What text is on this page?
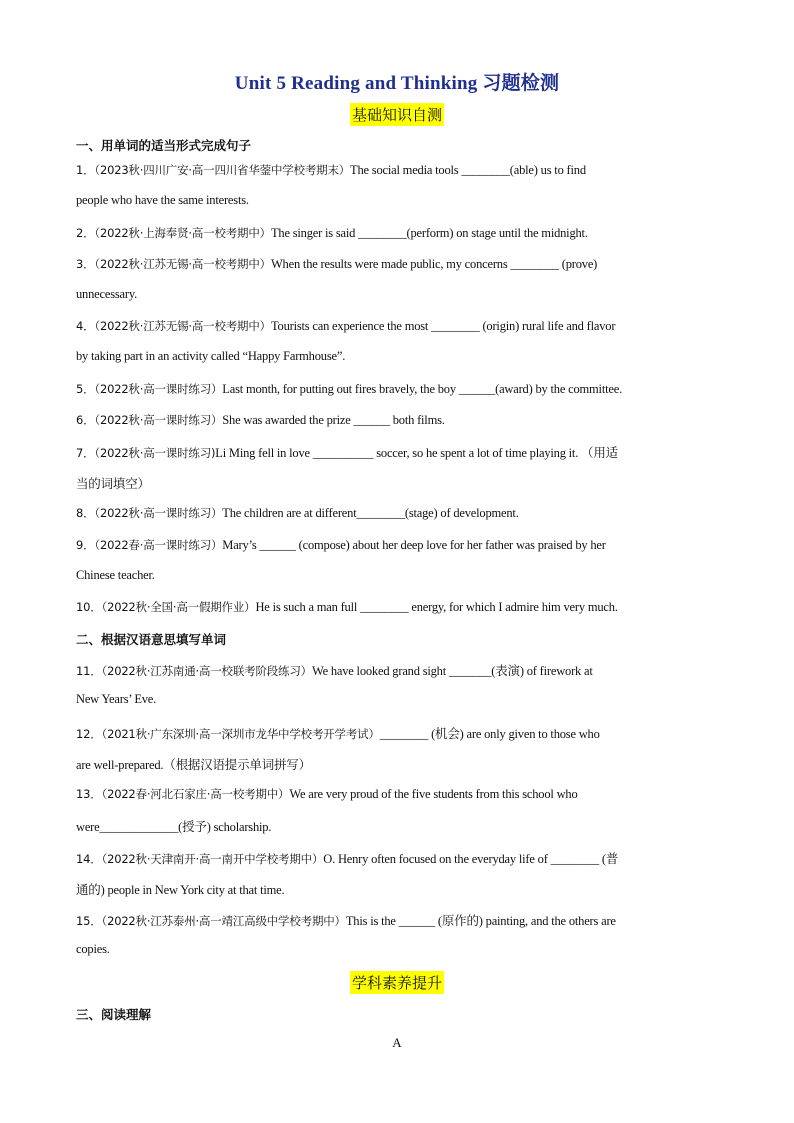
Unit 5 Reading and Thinking 习题检测
基础知识自测
一、用单词的适当形式完成句子
1．（2023秋·四川广安·高一四川省华蓥中学校考期末）The social media tools ________(able) us to find
people who have the same interests.
2．（2022秋·上海奉贤·高一校考期中）The singer is said ________(perform) on stage until the midnight.
3．（2022秋·江苏无锡·高一校考期中）When the results were made public, my concerns ________ (prove)
unnecessary.
4．（2022秋·江苏无锡·高一校考期中）Tourists can experience the most ________ (origin) rural life and flavor
by taking part in an activity called “Happy Farmhouse”.
5．（2022秋·高一课时练习）Last month, for putting out fires bravely, the boy ______(award) by the committee.
6．（2022秋·高一课时练习）She was awarded the prize ______ both films.
7．（2022秋·高一课时练习)Li Ming fell in love __________ soccer, so he spent a lot of time playing it. （用适
当的词填空）
8．（2022秋·高一课时练习）The children are at different________(stage) of development.
9．（2022春·高一课时练习）Mary’s ______ (compose) about her deep love for her father was praised by her
Chinese teacher.
10．（2022秋·全国·高一假期作业）He is such a man full ________ energy, for which I admire him very much.
二、根据汉语意思填写单词
11．（2022秋·江苏南通·高一校联考阶段练习）We have looked grand sight _______(表演) of firework at
New Years’ Eve.
12．（2021秋·广东深圳·高一深圳市龙华中学校考开学考试）________ (机会) are only given to those who
are well-prepared.（根据汉语提示单词拼写）
13．（2022春·河北石家庄·高一校考期中）We are very proud of the five students from this school who
were_____________(授予) scholarship.
14．（2022秋·天津南开·高一南开中学校考期中）O. Henry often focused on the everyday life of ________ (普
通的) people in New York city at that time.
15．（2022秋·江苏泰州·高一靖江高级中学校考期中）This is the ______ (原作的) painting, and the others are
copies.
学科素养提升
三、阅读理解
A
